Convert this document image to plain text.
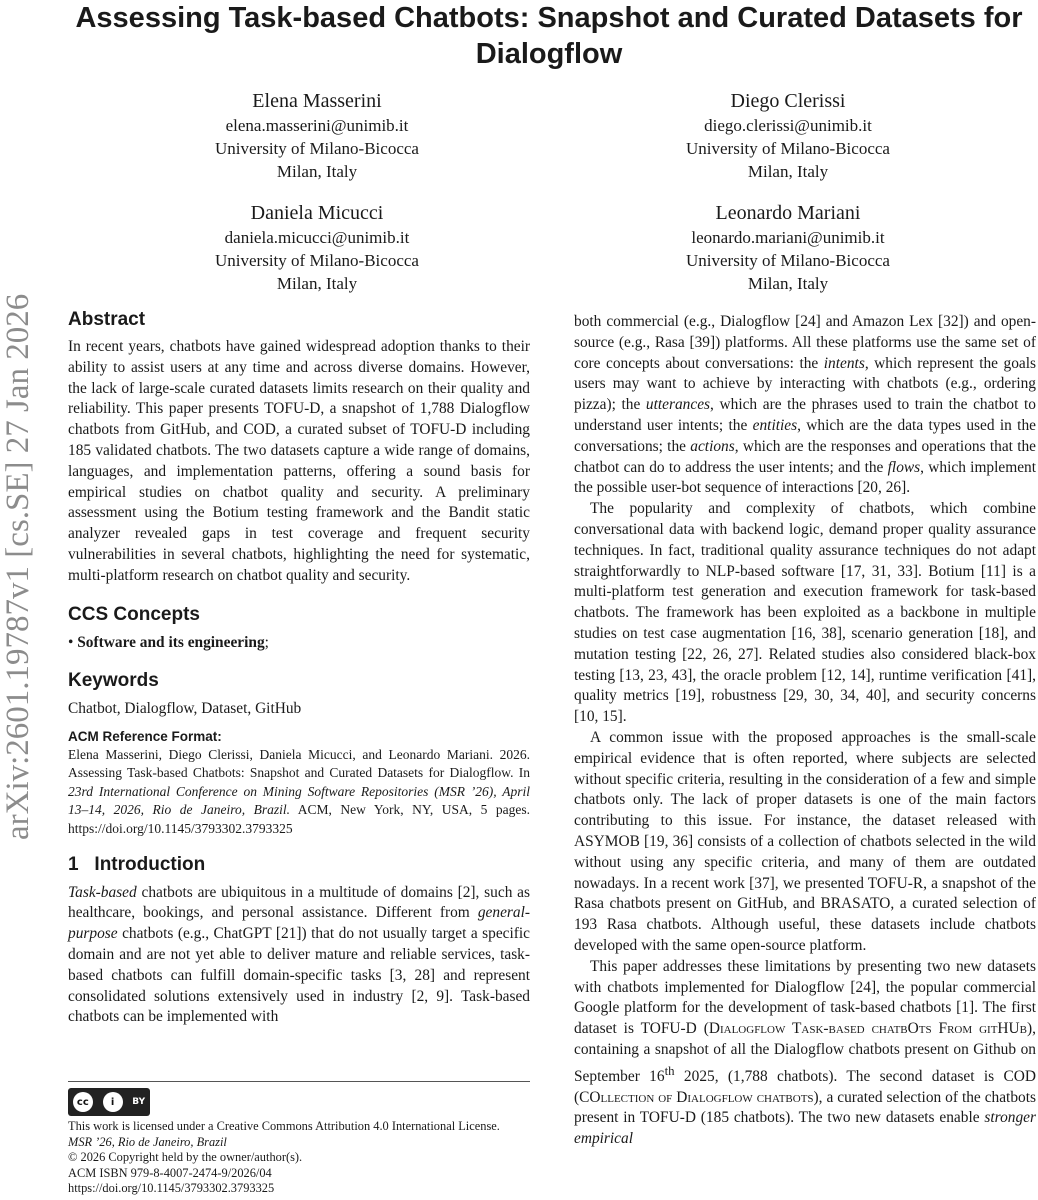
arXiv:2601.19787v1 [cs.SE] 27 Jan 2026
Assessing Task-based Chatbots: Snapshot and Curated Datasets for Dialogflow
Elena Masserini
elena.masserini@unimib.it
University of Milano-Bicocca
Milan, Italy
Diego Clerissi
diego.clerissi@unimib.it
University of Milano-Bicocca
Milan, Italy
Daniela Micucci
daniela.micucci@unimib.it
University of Milano-Bicocca
Milan, Italy
Leonardo Mariani
leonardo.mariani@unimib.it
University of Milano-Bicocca
Milan, Italy
Abstract

In recent years, chatbots have gained widespread adoption thanks to their ability to assist users at any time and across diverse domains. However, the lack of large-scale curated datasets limits research on their quality and reliability. This paper presents TOFU-D, a snapshot of 1,788 Dialogflow chatbots from GitHub, and COD, a curated subset of TOFU-D including 185 validated chatbots. The two datasets capture a wide range of domains, languages, and implementation patterns, offering a sound basis for empirical studies on chatbot quality and security. A preliminary assessment using the Botium testing framework and the Bandit static analyzer revealed gaps in test coverage and frequent security vulnerabilities in several chatbots, highlighting the need for systematic, multi-platform research on chatbot quality and security.

CCS Concepts

• Software and its engineering;

Keywords

Chatbot, Dialogflow, Dataset, GitHub

ACM Reference Format:

Elena Masserini, Diego Clerissi, Daniela Micucci, and Leonardo Mariani. 2026. Assessing Task-based Chatbots: Snapshot and Curated Datasets for Dialogflow. In 23rd International Conference on Mining Software Repositories (MSR ’26), April 13–14, 2026, Rio de Janeiro, Brazil. ACM, New York, NY, USA, 5 pages. https://doi.org/10.1145/3793302.3793325

1 Introduction

Task-based chatbots are ubiquitous in a multitude of domains [2], such as healthcare, bookings, and personal assistance. Different from general-purpose chatbots (e.g., ChatGPT [21]) that do not usually target a specific domain and are not yet able to deliver mature and reliable services, task-based chatbots can fulfill domain-specific tasks [3, 28] and represent consolidated solutions extensively used in industry [2, 9]. Task-based chatbots can be implemented with

both commercial (e.g., Dialogflow [24] and Amazon Lex [32]) and open-source (e.g., Rasa [39]) platforms. All these platforms use the same set of core concepts about conversations: the intents, which represent the goals users may want to achieve by interacting with chatbots (e.g., ordering pizza); the utterances, which are the phrases used to train the chatbot to understand user intents; the entities, which are the data types used in the conversations; the actions, which are the responses and operations that the chatbot can do to address the user intents; and the flows, which implement the possible user-bot sequence of interactions [20, 26].

The popularity and complexity of chatbots, which combine conversational data with backend logic, demand proper quality assurance techniques. In fact, traditional quality assurance techniques do not adapt straightforwardly to NLP-based software [17, 31, 33]. Botium [11] is a multi-platform test generation and execution framework for task-based chatbots. The framework has been exploited as a backbone in multiple studies on test case augmentation [16, 38], scenario generation [18], and mutation testing [22, 26, 27]. Related studies also considered black-box testing [13, 23, 43], the oracle problem [12, 14], runtime verification [41], quality metrics [19], robustness [29, 30, 34, 40], and security concerns [10, 15].

A common issue with the proposed approaches is the small-scale empirical evidence that is often reported, where subjects are selected without specific criteria, resulting in the consideration of a few and simple chatbots only. The lack of proper datasets is one of the main factors contributing to this issue. For instance, the dataset released with ASYMOB [19, 36] consists of a collection of chatbots selected in the wild without using any specific criteria, and many of them are outdated nowadays. In a recent work [37], we presented TOFU-R, a snapshot of the Rasa chatbots present on GitHub, and BRASATO, a curated selection of 193 Rasa chatbots. Although useful, these datasets include chatbots developed with the same open-source platform.

This paper addresses these limitations by presenting two new datasets with chatbots implemented for Dialogflow [24], the popular commercial Google platform for the development of task-based chatbots [1]. The first dataset is TOFU-D (Dialogflow Task-based chatbOts From gitHUb), containing a snapshot of all the Dialogflow chatbots present on Github on September 16th 2025, (1,788 chatbots). The second dataset is COD (COllection of Dialogflow chatbots), a curated selection of the chatbots present in TOFU-D (185 chatbots). The two new datasets enable stronger empirical

cc	i	BY
This work is licensed under a Creative Commons Attribution 4.0 International License.
MSR ’26, Rio de Janeiro, Brazil
© 2026 Copyright held by the owner/author(s).
ACM ISBN 979-8-4007-2474-9/2026/04
https://doi.org/10.1145/3793302.3793325
